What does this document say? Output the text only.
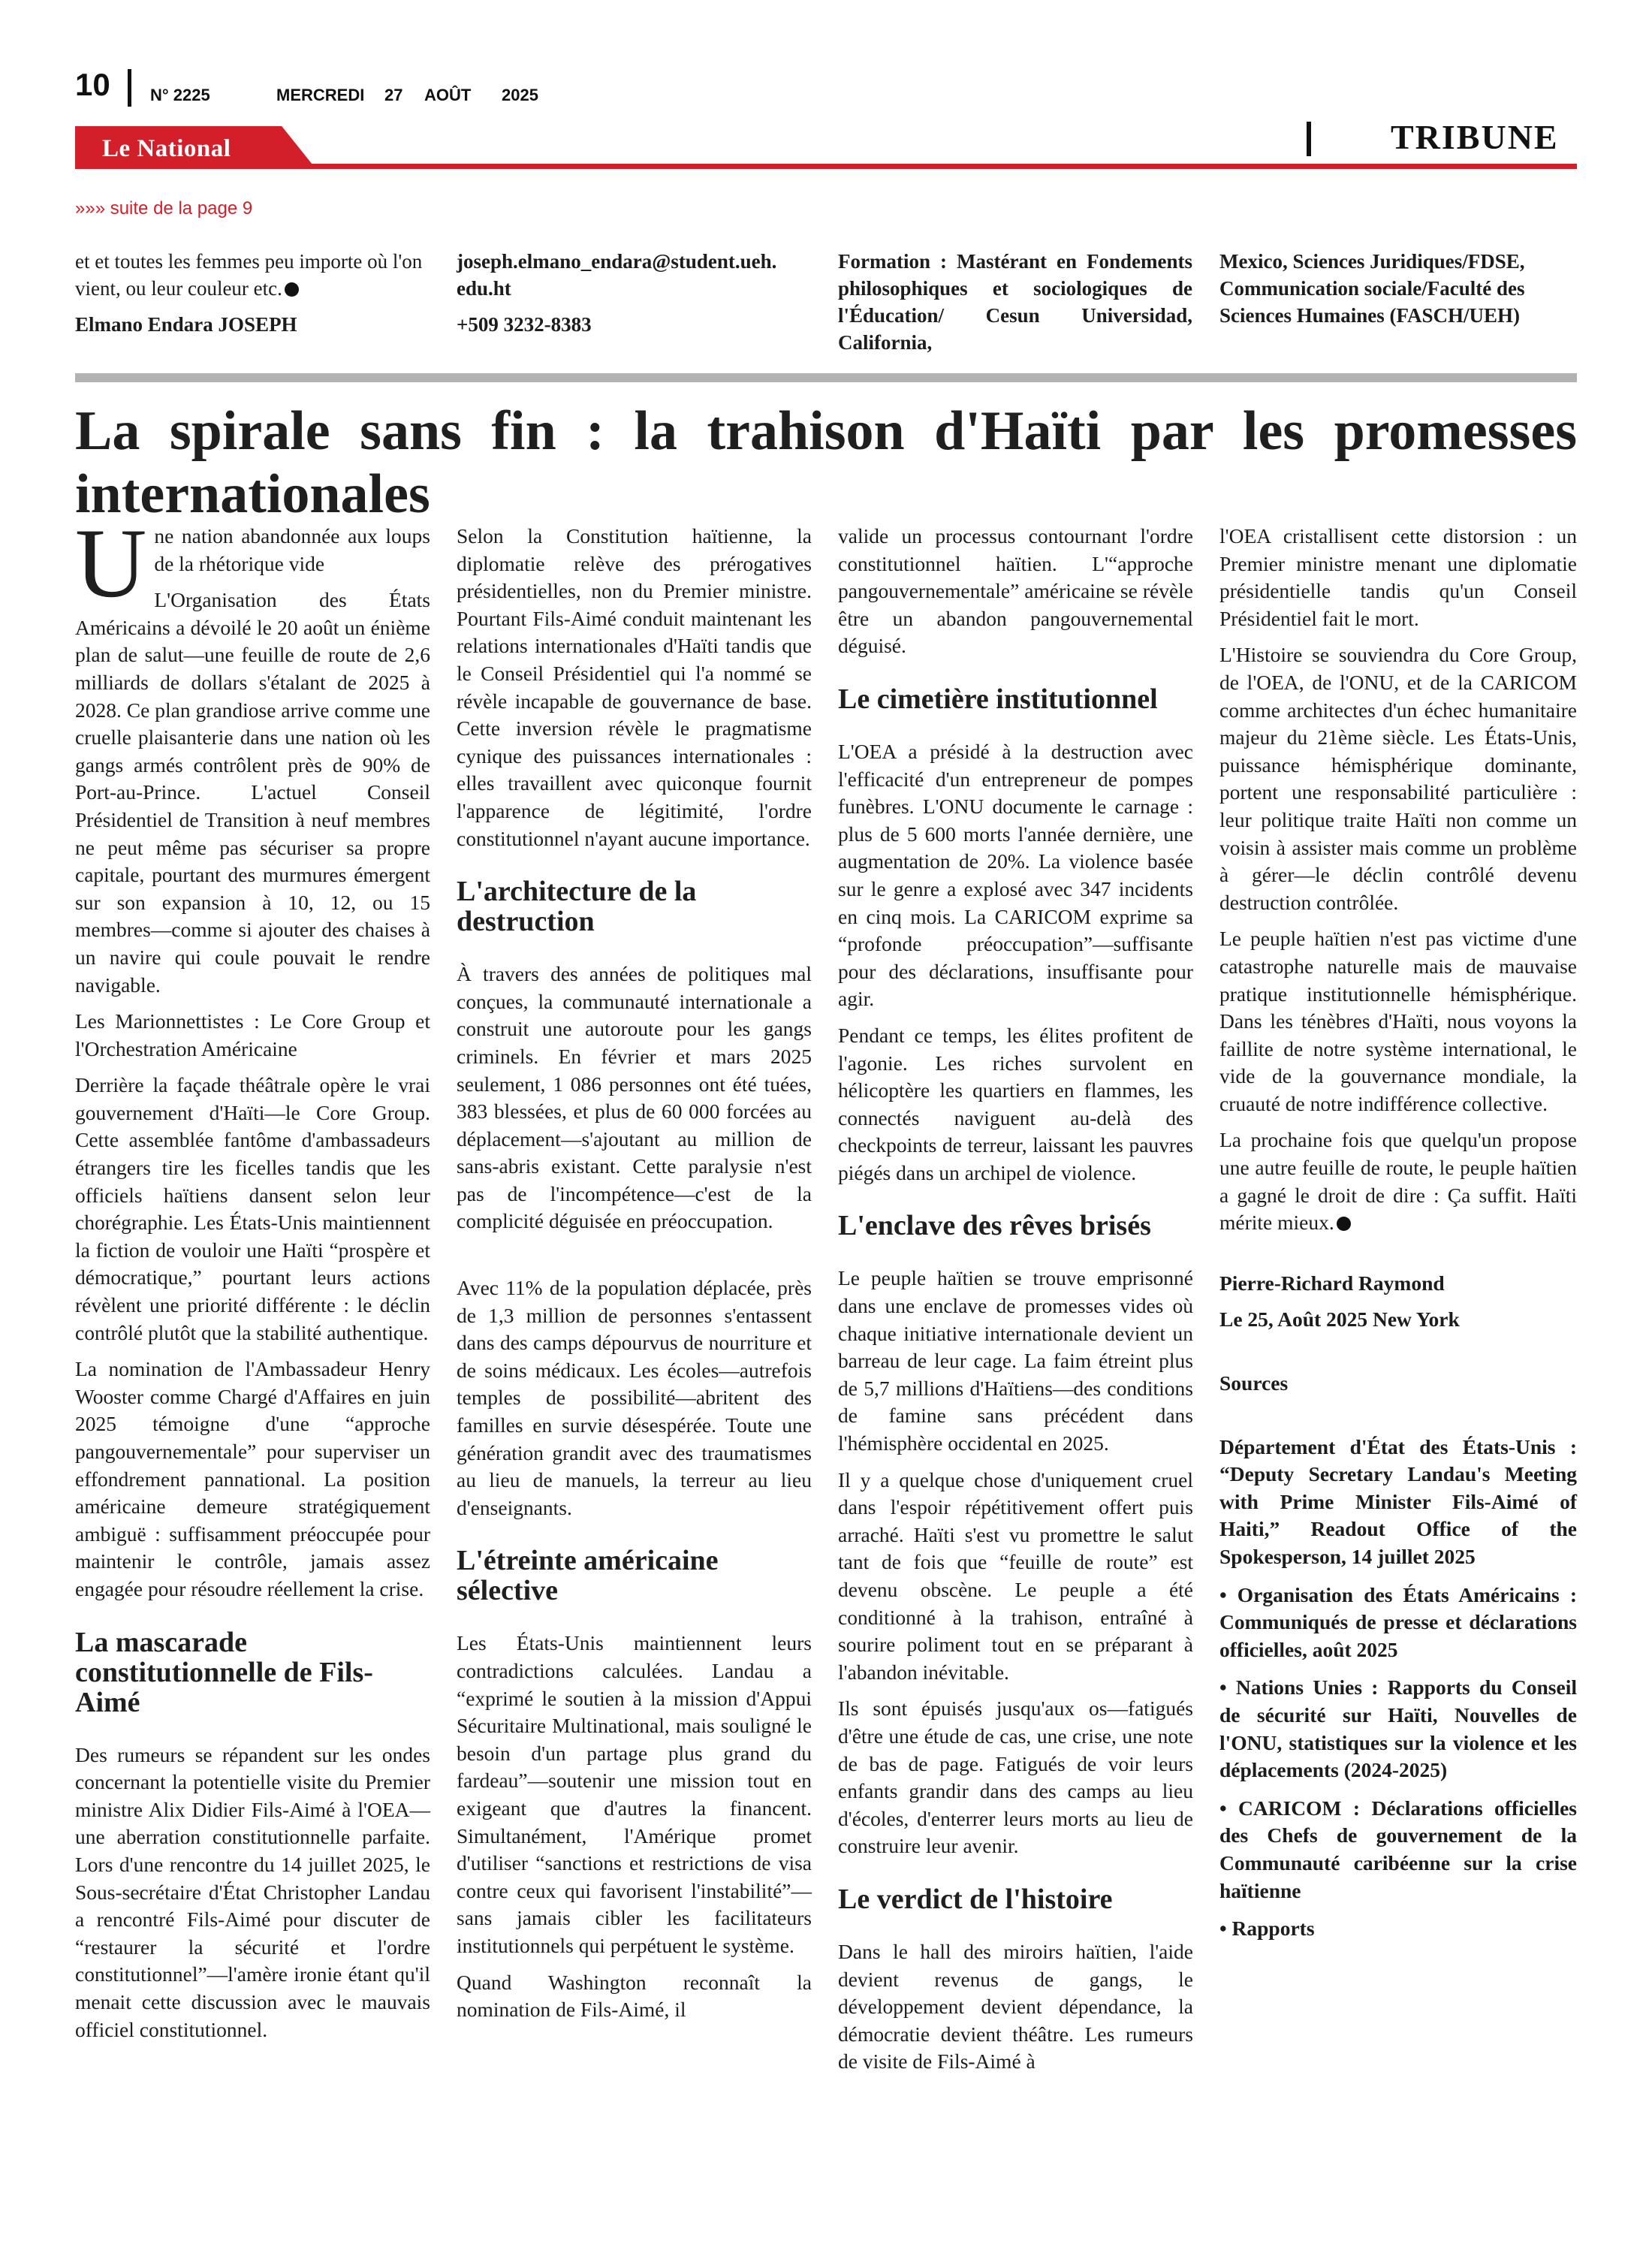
10 N° 2225	MERCREDI 27 AOÛT 2025
Le National	TRIBUNE
»»» suite de la page 9

et et toutes les femmes peu importe où l'on vient, ou leur couleur etc.

Elmano Endara JOSEPH

joseph.elmano_endara@student.ueh.
edu.ht

+509 3232-8383

Formation : Mastérant en Fondements philosophiques et sociologiques de l'Éducation/ Cesun Universidad, California,

Mexico, Sciences Juridiques/FDSE, Communication sociale/Faculté des Sciences Humaines (FASCH/UEH)

La spirale sans fin : la trahison d'Haïti par les promesses internationales

Une nation abandonnée aux loups de la rhétorique vide

L'Organisation des États Américains a dévoilé le 20 août un énième plan de salut—une feuille de route de 2,6 milliards de dollars s'étalant de 2025 à 2028. Ce plan grandiose arrive comme une cruelle plaisanterie dans une nation où les gangs armés contrôlent près de 90% de Port-au-Prince. L'actuel Conseil Présidentiel de Transition à neuf membres ne peut même pas sécuriser sa propre capitale, pourtant des murmures émergent sur son expansion à 10, 12, ou 15 membres—comme si ajouter des chaises à un navire qui coule pouvait le rendre navigable.

Les Marionnettistes : Le Core Group et l'Orchestration Américaine

Derrière la façade théâtrale opère le vrai gouvernement d'Haïti—le Core Group. Cette assemblée fantôme d'ambassadeurs étrangers tire les ficelles tandis que les officiels haïtiens dansent selon leur chorégraphie. Les États-Unis maintiennent la fiction de vouloir une Haïti “prospère et démocratique,” pourtant leurs actions révèlent une priorité différente : le déclin contrôlé plutôt que la stabilité authentique.

La nomination de l'Ambassadeur Henry Wooster comme Chargé d'Affaires en juin 2025 témoigne d'une “approche pangouvernementale” pour superviser un effondrement pannational. La position américaine demeure stratégiquement ambiguë : suffisamment préoccupée pour maintenir le contrôle, jamais assez engagée pour résoudre réellement la crise.

La mascarade constitutionnelle de Fils-Aimé

Des rumeurs se répandent sur les ondes concernant la potentielle visite du Premier ministre Alix Didier Fils-Aimé à l'OEA—une aberration constitutionnelle parfaite. Lors d'une rencontre du 14 juillet 2025, le Sous-secrétaire d'État Christopher Landau a rencontré Fils-Aimé pour discuter de “restaurer la sécurité et l'ordre constitutionnel”—l'amère ironie étant qu'il menait cette discussion avec le mauvais officiel constitutionnel.

Selon la Constitution haïtienne, la diplomatie relève des prérogatives présidentielles, non du Premier ministre. Pourtant Fils-Aimé conduit maintenant les relations internationales d'Haïti tandis que le Conseil Présidentiel qui l'a nommé se révèle incapable de gouvernance de base. Cette inversion révèle le pragmatisme cynique des puissances internationales : elles travaillent avec quiconque fournit l'apparence de légitimité, l'ordre constitutionnel n'ayant aucune importance.

L'architecture de la destruction

À travers des années de politiques mal conçues, la communauté internationale a construit une autoroute pour les gangs criminels. En février et mars 2025 seulement, 1 086 personnes ont été tuées, 383 blessées, et plus de 60 000 forcées au déplacement—s'ajoutant au million de sans-abris existant. Cette paralysie n'est pas de l'incompétence—c'est de la complicité déguisée en préoccupation.

Avec 11% de la population déplacée, près de 1,3 million de personnes s'entassent dans des camps dépourvus de nourriture et de soins médicaux. Les écoles—autrefois temples de possibilité—abritent des familles en survie désespérée. Toute une génération grandit avec des traumatismes au lieu de manuels, la terreur au lieu d'enseignants.

L'étreinte américaine sélective

Les États-Unis maintiennent leurs contradictions calculées. Landau a “exprimé le soutien à la mission d'Appui Sécuritaire Multinational, mais souligné le besoin d'un partage plus grand du fardeau”—soutenir une mission tout en exigeant que d'autres la financent. Simultanément, l'Amérique promet d'utiliser “sanctions et restrictions de visa contre ceux qui favorisent l'instabilité”—sans jamais cibler les facilitateurs institutionnels qui perpétuent le système.

Quand Washington reconnaît la nomination de Fils-Aimé, il

valide un processus contournant l'ordre constitutionnel haïtien. L'“approche pangouvernementale” américaine se révèle être un abandon pangouvernemental déguisé.

Le cimetière institutionnel

L'OEA a présidé à la destruction avec l'efficacité d'un entrepreneur de pompes funèbres. L'ONU documente le carnage : plus de 5 600 morts l'année dernière, une augmentation de 20%. La violence basée sur le genre a explosé avec 347 incidents en cinq mois. La CARICOM exprime sa “profonde préoccupation”—suffisante pour des déclarations, insuffisante pour agir.

Pendant ce temps, les élites profitent de l'agonie. Les riches survolent en hélicoptère les quartiers en flammes, les connectés naviguent au-delà des checkpoints de terreur, laissant les pauvres piégés dans un archipel de violence.

L'enclave des rêves brisés

Le peuple haïtien se trouve emprisonné dans une enclave de promesses vides où chaque initiative internationale devient un barreau de leur cage. La faim étreint plus de 5,7 millions d'Haïtiens—des conditions de famine sans précédent dans l'hémisphère occidental en 2025.

Il y a quelque chose d'uniquement cruel dans l'espoir répétitivement offert puis arraché. Haïti s'est vu promettre le salut tant de fois que “feuille de route” est devenu obscène. Le peuple a été conditionné à la trahison, entraîné à sourire poliment tout en se préparant à l'abandon inévitable.

Ils sont épuisés jusqu'aux os—fatigués d'être une étude de cas, une crise, une note de bas de page. Fatigués de voir leurs enfants grandir dans des camps au lieu d'écoles, d'enterrer leurs morts au lieu de construire leur avenir.

Le verdict de l'histoire

Dans le hall des miroirs haïtien, l'aide devient revenus de gangs, le développement devient dépendance, la démocratie devient théâtre. Les rumeurs de visite de Fils-Aimé à

l'OEA cristallisent cette distorsion : un Premier ministre menant une diplomatie présidentielle tandis qu'un Conseil Présidentiel fait le mort.

L'Histoire se souviendra du Core Group, de l'OEA, de l'ONU, et de la CARICOM comme architectes d'un échec humanitaire majeur du 21ème siècle. Les États-Unis, puissance hémisphérique dominante, portent une responsabilité particulière : leur politique traite Haïti non comme un voisin à assister mais comme un problème à gérer—le déclin contrôlé devenu destruction contrôlée.

Le peuple haïtien n'est pas victime d'une catastrophe naturelle mais de mauvaise pratique institutionnelle hémisphérique. Dans les ténèbres d'Haïti, nous voyons la faillite de notre système international, le vide de la gouvernance mondiale, la cruauté de notre indifférence collective.

La prochaine fois que quelqu'un propose une autre feuille de route, le peuple haïtien a gagné le droit de dire : Ça suffit. Haïti mérite mieux.

Pierre-Richard Raymond

Le 25, Août 2025 New York

Sources

Département d'État des États-Unis : “Deputy Secretary Landau's Meeting with Prime Minister Fils-Aimé of Haiti,” Readout Office of the Spokesperson, 14 juillet 2025

• Organisation des États Américains : Communiqués de presse et déclarations officielles, août 2025

• Nations Unies : Rapports du Conseil de sécurité sur Haïti, Nouvelles de l'ONU, statistiques sur la violence et les déplacements (2024-2025)

• CARICOM : Déclarations officielles des Chefs de gouvernement de la Communauté caribéenne sur la crise haïtienne

• Rapports
